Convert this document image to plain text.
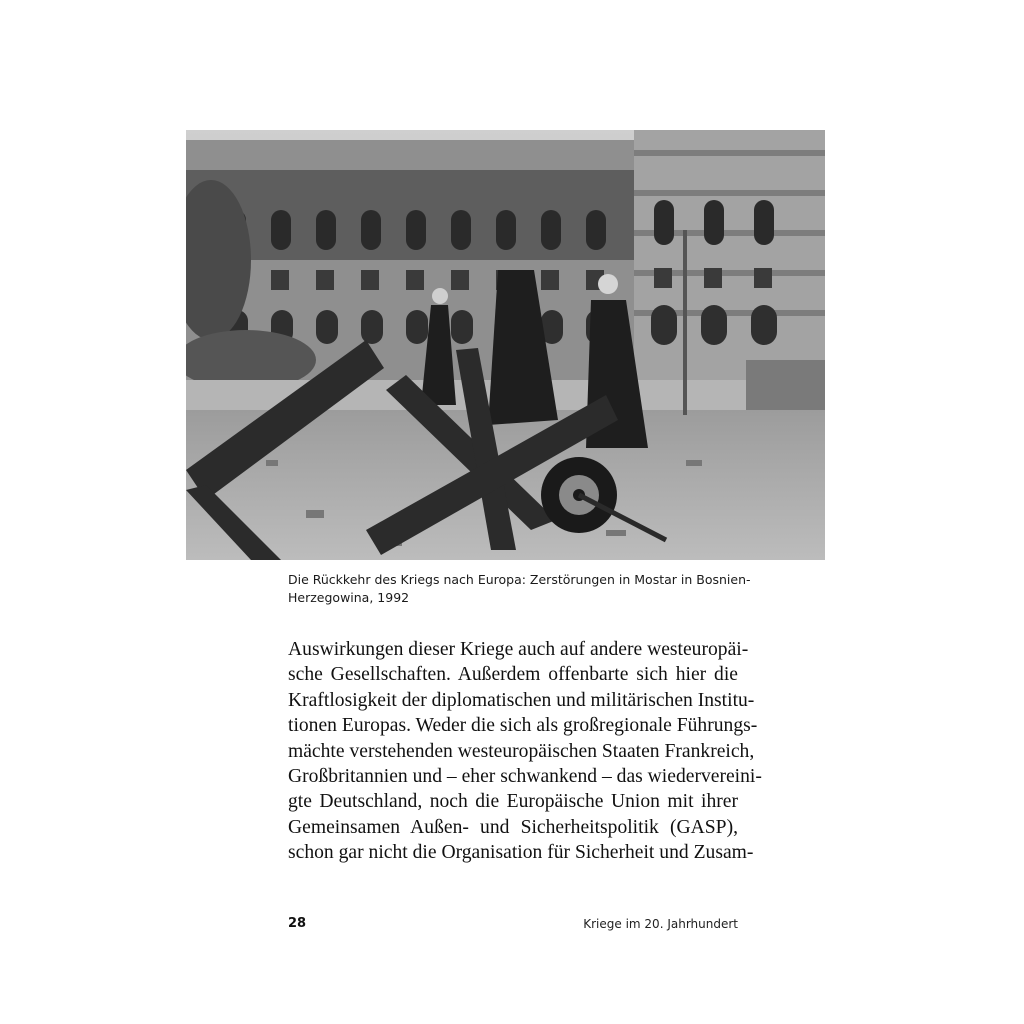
Die Rückkehr des Kriegs nach Europa: Zerstörungen in Mostar in Bosnien-
Herzegowina, 1992
Auswirkungen dieser Kriege auch auf andere westeuropäi-
sche Gesellschaften. Außerdem offenbarte sich hier die
Kraftlosigkeit der diplomatischen und militärischen Institu-
tionen Europas. Weder die sich als großregionale Führungs-
mächte verstehenden westeuropäischen Staaten Frankreich,
Großbritannien und – eher schwankend – das wiedervereini-
gte Deutschland, noch die Europäische Union mit ihrer
Gemeinsamen Außen- und Sicherheitspolitik (GASP),
schon gar nicht die Organisation für Sicherheit und Zusam-
28	Kriege im 20. Jahrhundert
